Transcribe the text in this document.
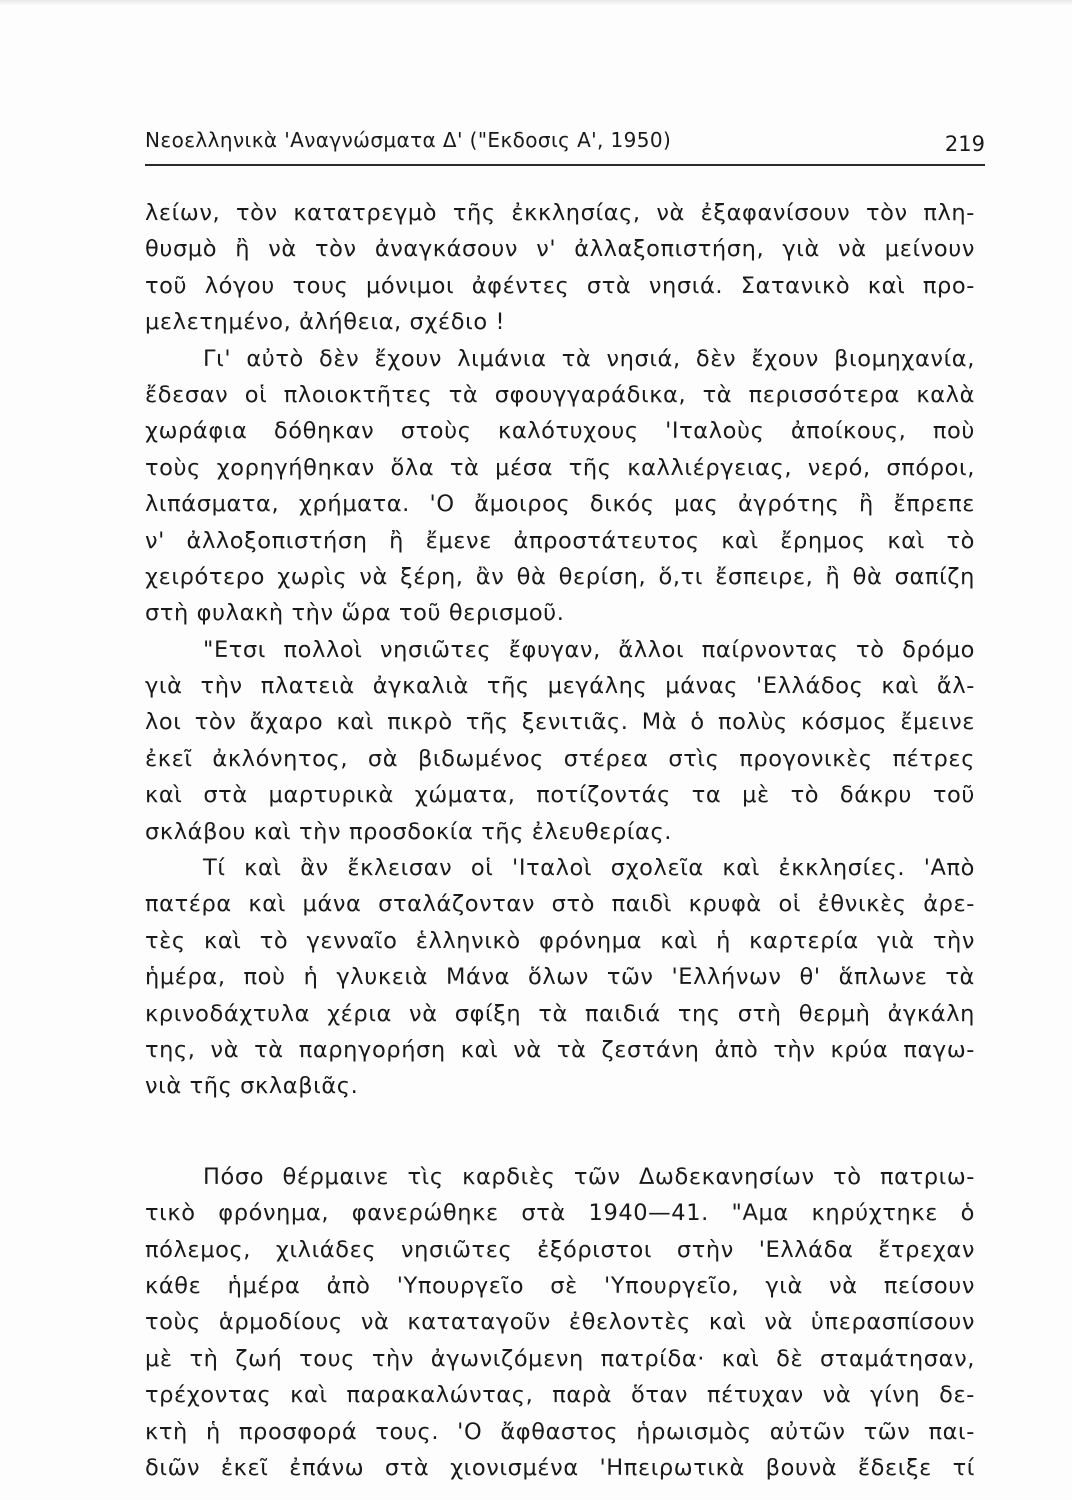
Νεοελληνικὰ 'Αναγνώσματα Δ' ("Εκδοσις Α', 1950)	219
λείων, τὸν κατατρεγμὸ τῆς ἐκκλησίας, νὰ ἐξαφανίσουν τὸν πλη-
θυσμὸ ἢ νὰ τὸν ἀναγκάσουν ν' ἀλλαξοπιστήση, γιὰ νὰ μείνουν
τοῦ λόγου τους μόνιμοι ἀφέντες στὰ νησιά. Σατανικὸ καὶ προ-
μελετημένο, ἀλήθεια, σχέδιο !
Γι' αὐτὸ δὲν ἔχουν λιμάνια τὰ νησιά, δὲν ἔχουν βιομηχανία,
ἔδεσαν οἱ πλοιοκτῆτες τὰ σφουγγαράδικα, τὰ περισσότερα καλὰ
χωράφια δόθηκαν στοὺς καλότυχους 'Ιταλοὺς ἀποίκους, ποὺ
τοὺς χορηγήθηκαν ὅλα τὰ μέσα τῆς καλλιέργειας, νερό, σπόροι,
λιπάσματα, χρήματα. 'Ο ἄμοιρος δικός μας ἀγρότης ἢ ἔπρεπε
ν' ἀλλοξοπιστήση ἢ ἔμενε ἀπροστάτευτος καὶ ἔρημος καὶ τὸ
χειρότερο χωρὶς νὰ ξέρη, ἂν θὰ θερίση, ὅ,τι ἔσπειρε, ἢ θὰ σαπίζη
στὴ φυλακὴ τὴν ὥρα τοῦ θερισμοῦ.
"Ετσι πολλοὶ νησιῶτες ἔφυγαν, ἄλλοι παίρνοντας τὸ δρόμο
γιὰ τὴν πλατειὰ ἀγκαλιὰ τῆς μεγάλης μάνας 'Ελλάδος καὶ ἄλ-
λοι τὸν ἄχαρο καὶ πικρὸ τῆς ξενιτιᾶς. Μὰ ὁ πολὺς κόσμος ἔμεινε
ἐκεῖ ἀκλόνητος, σὰ βιδωμένος στέρεα στὶς προγονικὲς πέτρες
καὶ στὰ μαρτυρικὰ χώματα, ποτίζοντάς τα μὲ τὸ δάκρυ τοῦ
σκλάβου καὶ τὴν προσδοκία τῆς ἐλευθερίας.
Τί καὶ ἂν ἔκλεισαν οἱ 'Ιταλοὶ σχολεῖα καὶ ἐκκλησίες. 'Απὸ
πατέρα καὶ μάνα σταλάζονταν στὸ παιδὶ κρυφὰ οἱ ἐθνικὲς ἀρε-
τὲς καὶ τὸ γενναῖο ἑλληνικὸ φρόνημα καὶ ἡ καρτερία γιὰ τὴν
ἡμέρα, ποὺ ἡ γλυκειὰ Μάνα ὅλων τῶν 'Ελλήνων θ' ἅπλωνε τὰ
κρινοδάχτυλα χέρια νὰ σφίξη τὰ παιδιά της στὴ θερμὴ ἀγκάλη
της, νὰ τὰ παρηγορήση καὶ νὰ τὰ ζεστάνη ἀπὸ τὴν κρύα παγω-
νιὰ τῆς σκλαβιᾶς.
Πόσο θέρμαινε τὶς καρδιὲς τῶν Δωδεκανησίων τὸ πατριω-
τικὸ φρόνημα, φανερώθηκε στὰ 1940—41. "Αμα κηρύχτηκε ὁ
πόλεμος, χιλιάδες νησιῶτες ἐξόριστοι στὴν 'Ελλάδα ἔτρεχαν
κάθε ἡμέρα ἀπὸ 'Υπουργεῖο σὲ 'Υπουργεῖο, γιὰ νὰ πείσουν
τοὺς ἁρμοδίους νὰ καταταγοῦν ἐθελοντὲς καὶ νὰ ὑπερασπίσουν
μὲ τὴ ζωή τους τὴν ἀγωνιζόμενη πατρίδα· καὶ δὲ σταμάτησαν,
τρέχοντας καὶ παρακαλώντας, παρὰ ὅταν πέτυχαν νὰ γίνη δε-
κτὴ ἡ προσφορά τους. 'Ο ἄφθαστος ἡρωισμὸς αὐτῶν τῶν παι-
διῶν ἐκεῖ ἐπάνω στὰ χιονισμένα 'Ηπειρωτικὰ βουνὰ ἔδειξε τί
